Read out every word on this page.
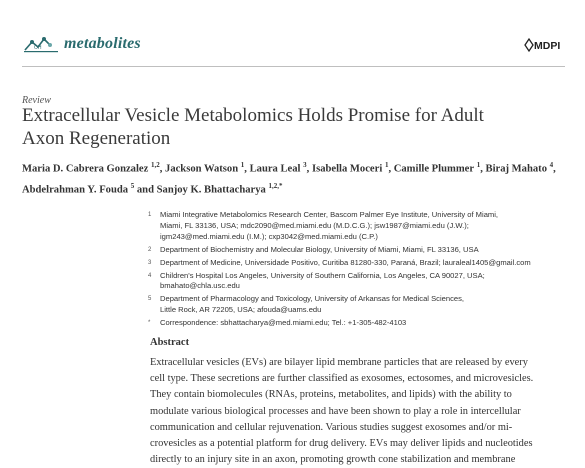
OH metabolites	MDPI
Review
Extracellular Vesicle Metabolomics Holds Promise for Adult
Axon Regeneration
Maria D. Cabrera Gonzalez $^{1,2}$, Jackson Watson $^1$, Laura Leal $^3$, Isabella Moceri $^1$, Camille Plummer $^1$, Biraj Mahato $^4$,
Abdelrahman Y. Fouda $^5$ and Sanjoy K. Bhattacharya $^{1,2,*}$
1	Miami Integrative Metabolomics Research Center, Bascom Palmer Eye Institute, University of Miami,
Miami, FL 33136, USA; mdc2090@med.miami.edu (M.D.C.G.); jsw1987@miami.edu (J.W.);
igm243@med.miami.edu (I.M.); cxp3042@med.miami.edu (C.P.)
2	Department of Biochemistry and Molecular Biology, University of Miami, Miami, FL 33136, USA
3	Department of Medicine, Universidade Positivo, Curitiba 81280-330, Paraná, Brazil; lauraleal1405@gmail.com
4	Children's Hospital Los Angeles, University of Southern California, Los Angeles, CA 90027, USA;
bmahato@chla.usc.edu
5	Department of Pharmacology and Toxicology, University of Arkansas for Medical Sciences,
Little Rock, AR 72205, USA; afouda@uams.edu
*	Correspondence: sbhattacharya@med.miami.edu; Tel.: +1-305-482-4103
Abstract
Extracellular vesicles (EVs) are bilayer lipid membrane particles that are released by every
cell type. These secretions are further classified as exosomes, ectosomes, and microvesicles.
They contain biomolecules (RNAs, proteins, metabolites, and lipids) with the ability to
modulate various biological processes and have been shown to play a role in intercellular
communication and cellular rejuvenation. Various studies suggest exosomes and/or mi-
crovesicles as a potential platform for drug delivery. EVs may deliver lipids and nucleotides
directly to an injury site in an axon, promoting growth cone stabilization and membrane
